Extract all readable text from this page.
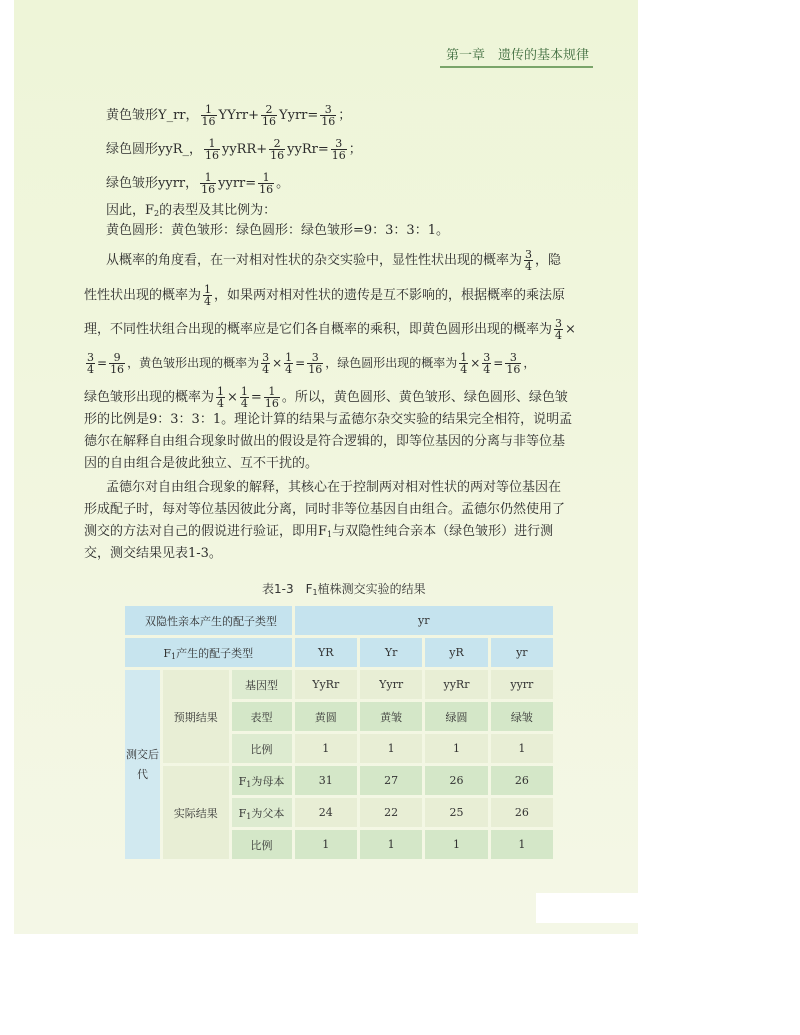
第一章　遗传的基本规律
黄色皱形Y_rr， $\frac{1}{16}$ YYrr+ $\frac{2}{16}$ Yyrr= $\frac{3}{16}$ ；
绿色圆形yyR_， $\frac{1}{16}$ yyRR+ $\frac{2}{16}$ yyRr= $\frac{3}{16}$ ；
绿色皱形yyrr， $\frac{1}{16}$ yyrr= $\frac{1}{16}$ 。
因此，$F_2$的表型及其比例为：
黄色圆形：黄色皱形：绿色圆形：绿色皱形=9：3：3：1。
从概率的角度看，在一对相对性状的杂交实验中，显性性状出现的概率为 $\frac{3}{4}$ ，隐
性性状出现的概率为 $\frac{1}{4}$ ，如果两对相对性状的遗传是互不影响的，根据概率的乘法原
理，不同性状组合出现的概率应是它们各自概率的乘积，即黄色圆形出现的概率为 $\frac{3}{4}$ ×
$\frac{3}{4} = \frac{9}{16}$ ，黄色皱形出现的概率为 $\frac{3}{4} \times \frac{1}{4} = \frac{3}{16}$ ，绿色圆形出现的概率为 $\frac{1}{4} \times \frac{3}{4} = \frac{3}{16}$ ，
绿色皱形出现的概率为 $\frac{1}{4} \times \frac{1}{4} = \frac{1}{16}$ 。所以，黄色圆形、黄色皱形、绿色圆形、绿色皱
形的比例是9：3：3：1。理论计算的结果与孟德尔杂交实验的结果完全相符，说明孟
德尔在解释自由组合现象时做出的假设是符合逻辑的，即等位基因的分离与非等位基
因的自由组合是彼此独立、互不干扰的。
孟德尔对自由组合现象的解释，其核心在于控制两对相对性状的两对等位基因在
形成配子时，每对等位基因彼此分离，同时非等位基因自由组合。孟德尔仍然使用了
测交的方法对自己的假说进行验证，即用$F_1$与双隐性纯合亲本（绿色皱形）进行测
交，测交结果见表1-3。
表1-3　$F_1$植株测交实验的结果
双隐性亲本产生的配子类型			yr			
$F_1$产生的配子类型			YR	Yr	yR	yr
测交后代	预期结果	基因型	YyRr	Yyrr	yyRr	yyrr
		表型	黄圆	黄皱	绿圆	绿皱
		比例	1	1	1	1
	实际结果	$F_1$为母本	31	27	26	26
		$F_1$为父本	24	22	25	26
		比例	1	1	1	1
